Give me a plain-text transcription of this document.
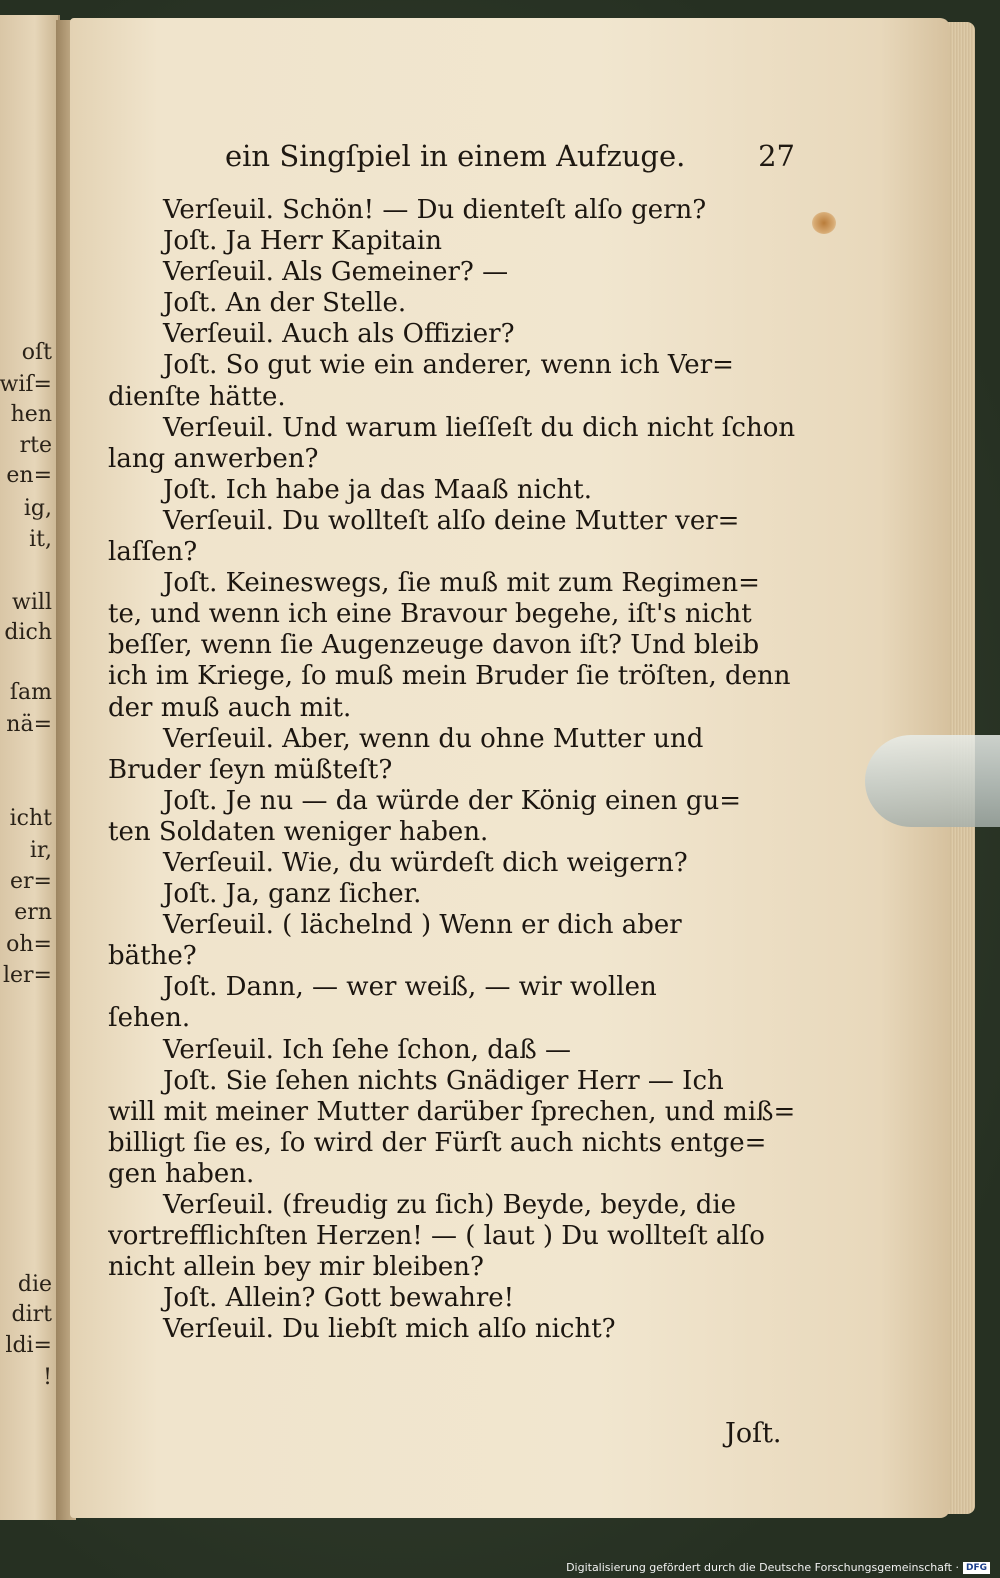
oſt
wiſ=
hen
rte
en=
ig,
it,
will
dich
ſam
nä=
icht
ir,
er=
ern
oh=
ler=
die
dirt
ldi=
!
ein Singſpiel in einem Aufzuge.	27
Verſeuil. Schön! — Du dienteſt alſo gern?
Joſt. Ja Herr Kapitain
Verſeuil. Als Gemeiner? —
Joſt. An der Stelle.
Verſeuil. Auch als Offizier?
Joſt. So gut wie ein anderer, wenn ich Ver=
dienſte hätte.
Verſeuil. Und warum lieſſeſt du dich nicht ſchon
lang anwerben?
Joſt. Ich habe ja das Maaß nicht.
Verſeuil. Du wollteſt alſo deine Mutter ver=
laſſen?
Joſt. Keineswegs, ſie muß mit zum Regimen=
te, und wenn ich eine Bravour begehe, iſt's nicht
beſſer, wenn ſie Augenzeuge davon iſt? Und bleib
ich im Kriege, ſo muß mein Bruder ſie tröſten, denn
der muß auch mit.
Verſeuil. Aber, wenn du ohne Mutter und
Bruder ſeyn müßteſt?
Joſt. Je nu — da würde der König einen gu=
ten Soldaten weniger haben.
Verſeuil. Wie, du würdeſt dich weigern?
Joſt. Ja, ganz ſicher.
Verſeuil. ( lächelnd ) Wenn er dich aber
bäthe?
Joſt. Dann, — wer weiß, — wir wollen
ſehen.
Verſeuil. Ich ſehe ſchon, daß —
Joſt. Sie ſehen nichts Gnädiger Herr — Ich
will mit meiner Mutter darüber ſprechen, und miß=
billigt ſie es, ſo wird der Fürſt auch nichts entge=
gen haben.
Verſeuil. (freudig zu ſich) Beyde, beyde, die
vortrefflichſten Herzen! — ( laut ) Du wollteſt alſo
nicht allein bey mir bleiben?
Joſt. Allein? Gott bewahre!
Verſeuil. Du liebſt mich alſo nicht?
Joſt.
Digitalisierung gefördert durch die Deutsche Forschungsgemeinschaft · DFG
